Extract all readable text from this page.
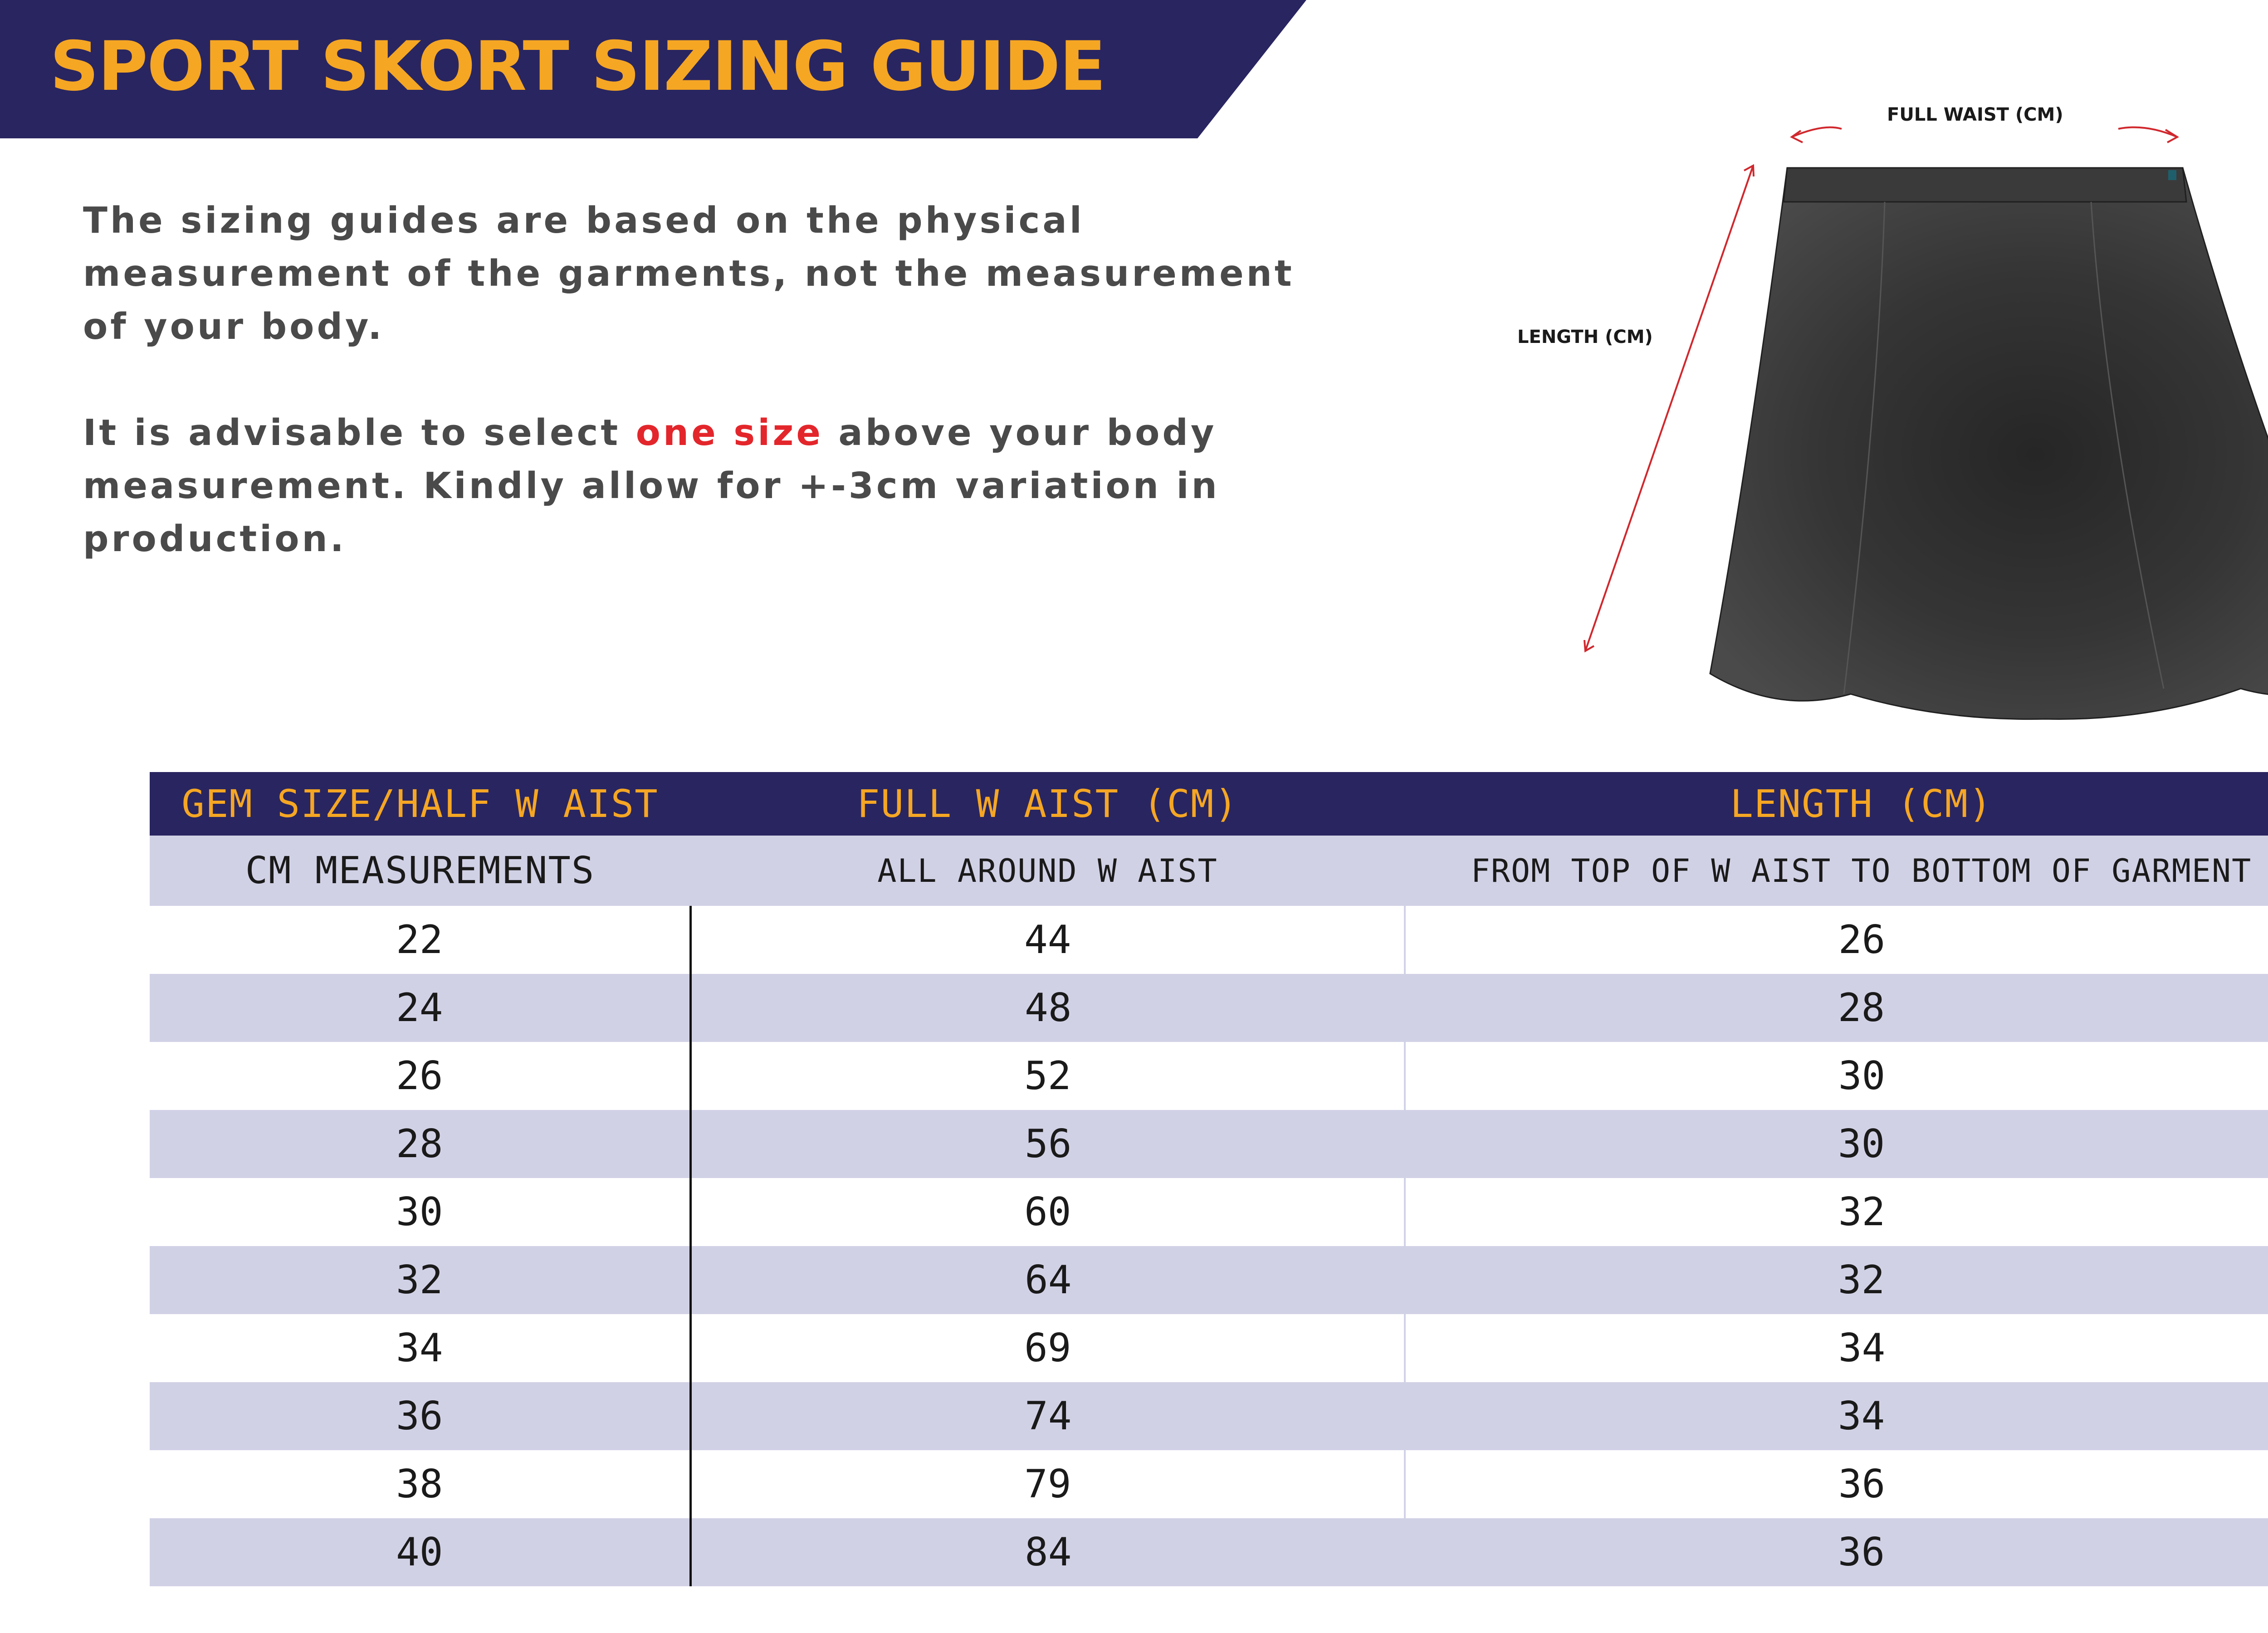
SPORT SKORT SIZING GUIDE

The sizing guides are based on the physical measurement of the garments, not the measurement of your body.

It is advisable to select one size above your body measurement. Kindly allow for +-3cm variation in production.

FULL WAIST (CM)
LENGTH (CM)
GEM SIZE/HALF W AIST	FULL W AIST (CM)	LENGTH (CM)
CM MEASUREMENTS	ALL AROUND W AIST	FROM TOP OF W AIST TO BOTTOM OF GARMENT
22	44	26
24	48	28
26	52	30
28	56	30
30	60	32
32	64	32
34	69	34
36	74	34
38	79	36
40	84	36
